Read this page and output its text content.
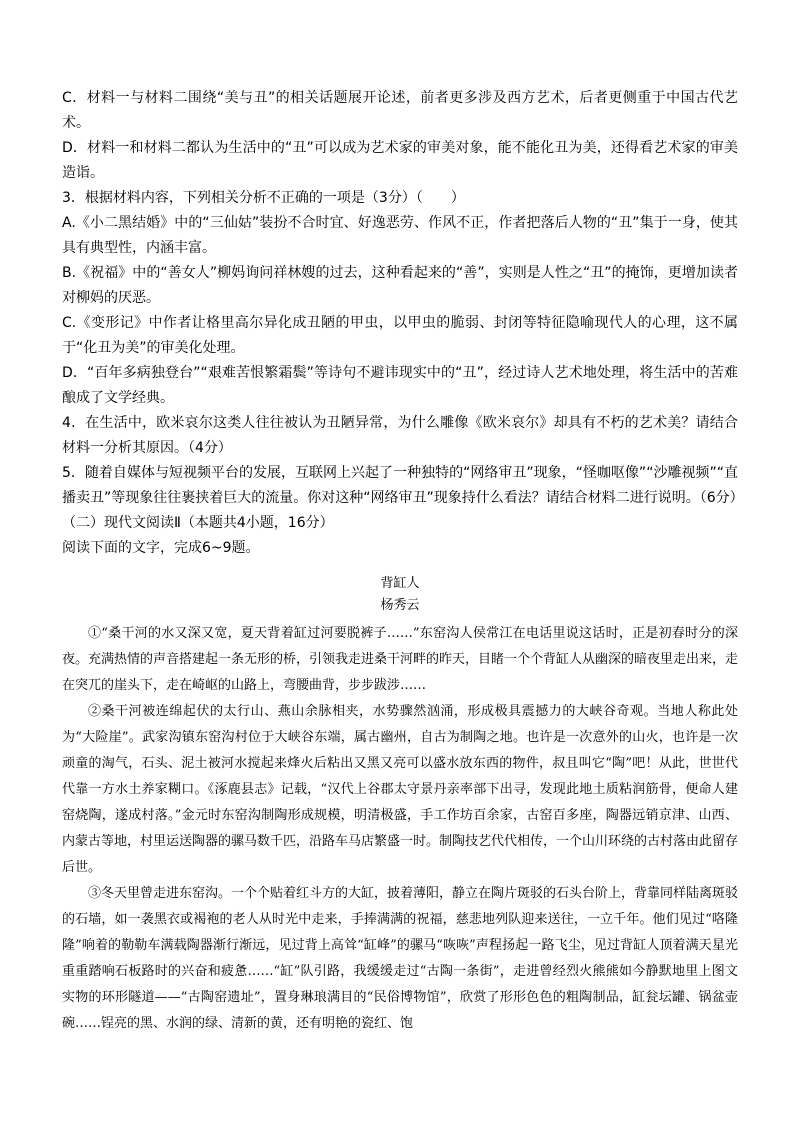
C．材料一与材料二围绕“美与丑”的相关话题展开论述，前者更多涉及西方艺术，后者更侧重于中国古代艺术。

D．材料一和材料二都认为生活中的“丑”可以成为艺术家的审美对象，能不能化丑为美，还得看艺术家的审美造诣。

3．根据材料内容，下列相关分析不正确的一项是（3分）（　　）

A.《小二黑结婚》中的“三仙姑”装扮不合时宜、好逸恶劳、作风不正，作者把落后人物的“丑”集于一身，使其具有典型性，内涵丰富。

B.《祝福》中的“善女人”柳妈询问祥林嫂的过去，这种看起来的“善”，实则是人性之“丑”的掩饰，更增加读者对柳妈的厌恶。

C.《变形记》中作者让格里高尔异化成丑陋的甲虫，以甲虫的脆弱、封闭等特征隐喻现代人的心理，这不属于“化丑为美”的审美化处理。

D．“百年多病独登台”“艰难苦恨繁霜鬓”等诗句不避讳现实中的“丑”，经过诗人艺术地处理，将生活中的苦难酿成了文学经典。

4．在生活中，欧米哀尔这类人往往被认为丑陋异常，为什么雕像《欧米哀尔》却具有不朽的艺术美？请结合材料一分析其原因。（4分）

5．随着自媒体与短视频平台的发展，互联网上兴起了一种独特的“网络审丑”现象，“怪咖呕像”“沙雕视频”“直播卖丑”等现象往往裹挟着巨大的流量。你对这种“网络审丑”现象持什么看法？请结合材料二进行说明。（6分）

（二）现代文阅读Ⅱ（本题共4小题，16分）

阅读下面的文字，完成6~9题。

背缸人
杨秀云

①“桑干河的水又深又宽，夏天背着缸过河要脱裤子……”东窑沟人侯常江在电话里说这话时，正是初春时分的深夜。充满热情的声音搭建起一条无形的桥，引领我走进桑干河畔的昨天，目睹一个个背缸人从幽深的暗夜里走出来，走在突兀的崖头下，走在崎岖的山路上，弯腰曲背，步步跋涉……

②桑干河被连绵起伏的太行山、燕山余脉相夹，水势骤然汹涌，形成极具震撼力的大峡谷奇观。当地人称此处为“大险崖”。武家沟镇东窑沟村位于大峡谷东端，属古幽州，自古为制陶之地。也许是一次意外的山火，也许是一次顽童的淘气，石头、泥土被河水搅起来烽火后粘出又黑又亮可以盛水放东西的物件，叔且叫它“陶”吧！从此，世世代代靠一方水土养家糊口。《涿鹿县志》记载，“汉代上谷郡太守景丹亲率部下出寻，发现此地土质粘润筋骨，便命人建窑烧陶，遂成村落。”金元时东窑沟制陶形成规模，明清极盛，手工作坊百余家，古窑百多座，陶器远销京津、山西、内蒙古等地，村里运送陶器的骡马数千匹，沿路车马店繁盛一时。制陶技艺代代相传，一个山川环绕的古村落由此留存后世。

③冬天里曾走进东窑沟。一个个贴着红斗方的大缸，披着薄阳，静立在陶片斑驳的石头台阶上，背靠同样陆离斑驳的石墙，如一袭黑衣或褐袍的老人从时光中走来，手捧满满的祝福，慈悲地列队迎来送往，一立千年。他们见过“咯隆隆”响着的勒勒车满载陶器渐行渐远，见过背上高耸“缸峰”的骡马“咴咴”声程扬起一路飞尘，见过背缸人顶着满天星光重重踏响石板路时的兴奋和疲惫……“缸”队引路，我缓缓走过“古陶一条街”，走进曾经烈火熊熊如今静默地里上图文实物的环形隧道——“古陶窑遗址”，置身琳琅满目的“民俗博物馆”，欣赏了形形色色的粗陶制品，缸瓮坛罐、锅盆壶碗……锃亮的黑、水润的绿、清新的黄，还有明艳的瓷红、饱
